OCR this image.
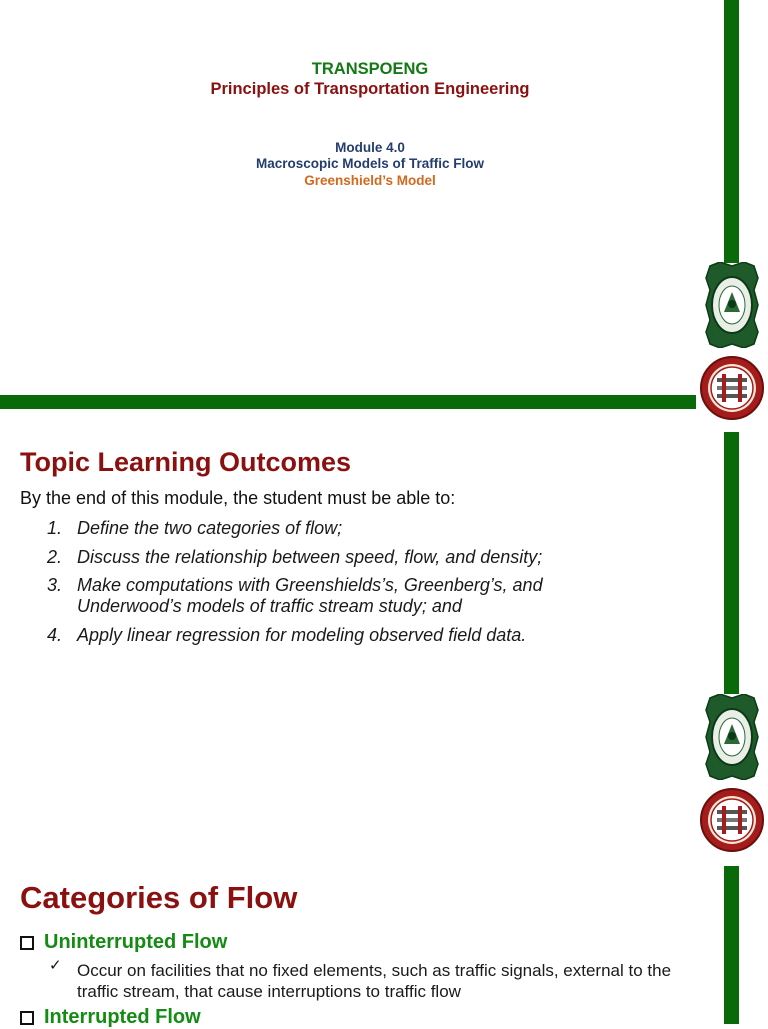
TRANSPOENG
Principles of Transportation Engineering
Module 4.0
Macroscopic Models of Traffic Flow
Greenshield’s Model
Topic Learning Outcomes
By the end of this module, the student must be able to:
1. Define the two categories of flow;
2. Discuss the relationship between speed, flow, and density;
3. Make computations with Greenshields’s, Greenberg’s, and Underwood’s models of traffic stream study; and
4. Apply linear regression for modeling observed field data.
Categories of Flow
Uninterrupted Flow
✓ Occur on facilities that no fixed elements, such as traffic signals, external to the traffic stream, that cause interruptions to traffic flow
Interrupted Flow
